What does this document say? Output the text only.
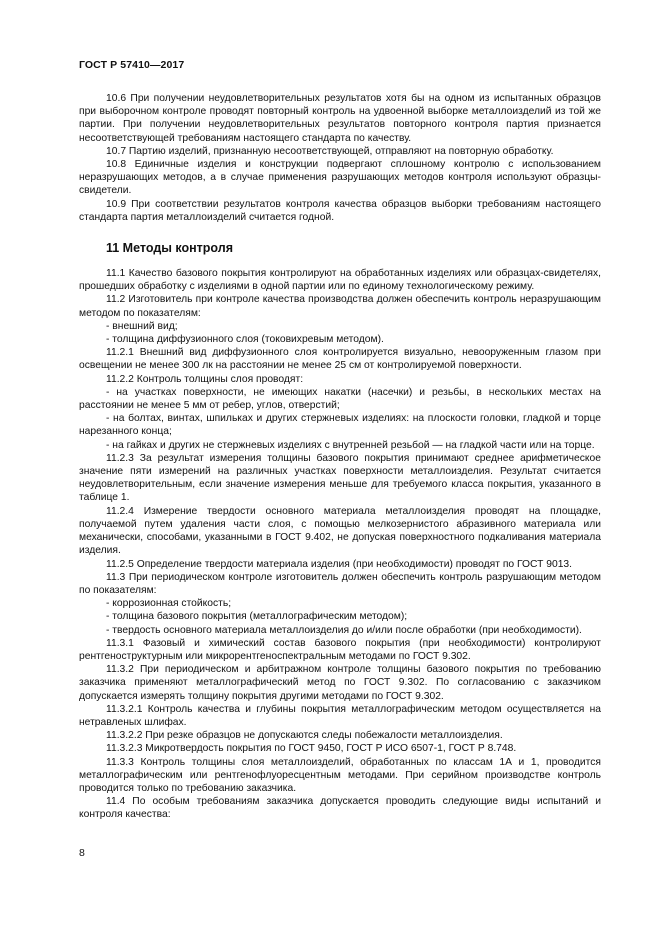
ГОСТ Р 57410—2017

10.6 При получении неудовлетворительных результатов хотя бы на одном из испытанных образцов при выборочном контроле проводят повторный контроль на удвоенной выборке металлоизделий из той же партии. При получении неудовлетворительных результатов повторного контроля партия признается несоответствующей требованиям настоящего стандарта по качеству.

10.7 Партию изделий, признанную несоответствующей, отправляют на повторную обработку.

10.8 Единичные изделия и конструкции подвергают сплошному контролю с использованием неразрушающих методов, а в случае применения разрушающих методов контроля используют образцы-свидетели.

10.9 При соответствии результатов контроля качества образцов выборки требованиям настоящего стандарта партия металлоизделий считается годной.

11 Методы контроля

11.1 Качество базового покрытия контролируют на обработанных изделиях или образцах-свидетелях, прошедших обработку с изделиями в одной партии или по единому технологическому режиму.

11.2 Изготовитель при контроле качества производства должен обеспечить контроль неразрушающим методом по показателям:

- внешний вид;

- толщина диффузионного слоя (токовихревым методом).

11.2.1 Внешний вид диффузионного слоя контролируется визуально, невооруженным глазом при освещении не менее 300 лк на расстоянии не менее 25 см от контролируемой поверхности.

11.2.2 Контроль толщины слоя проводят:

- на участках поверхности, не имеющих накатки (насечки) и резьбы, в нескольких местах на расстоянии не менее 5 мм от ребер, углов, отверстий;

- на болтах, винтах, шпильках и других стержневых изделиях: на плоскости головки, гладкой и торце нарезанного конца;

- на гайках и других не стержневых изделиях с внутренней резьбой — на гладкой части или на торце.

11.2.3 За результат измерения толщины базового покрытия принимают среднее арифметическое значение пяти измерений на различных участках поверхности металлоизделия. Результат считается неудовлетворительным, если значение измерения меньше для требуемого класса покрытия, указанного в таблице 1.

11.2.4 Измерение твердости основного материала металлоизделия проводят на площадке, получаемой путем удаления части слоя, с помощью мелкозернистого абразивного материала или механически, способами, указанными в ГОСТ 9.402, не допуская поверхностного подкаливания материала изделия.

11.2.5 Определение твердости материала изделия (при необходимости) проводят по ГОСТ 9013.

11.3 При периодическом контроле изготовитель должен обеспечить контроль разрушающим методом по показателям:

- коррозионная стойкость;

- толщина базового покрытия (металлографическим методом);

- твердость основного материала металлоизделия до и/или после обработки (при необходимости).

11.3.1 Фазовый и химический состав базового покрытия (при необходимости) контролируют рентгеноструктурным или микрорентгеноспектральным методами по ГОСТ 9.302.

11.3.2 При периодическом и арбитражном контроле толщины базового покрытия по требованию заказчика применяют металлографический метод по ГОСТ 9.302. По согласованию с заказчиком допускается измерять толщину покрытия другими методами по ГОСТ 9.302.

11.3.2.1 Контроль качества и глубины покрытия металлографическим методом осуществляется на нетравленых шлифах.

11.3.2.2 При резке образцов не допускаются следы побежалости металлоизделия.

11.3.2.3 Микротвердость покрытия по ГОСТ 9450, ГОСТ Р ИСО 6507-1, ГОСТ Р 8.748.

11.3.3 Контроль толщины слоя металлоизделий, обработанных по классам 1А и 1, проводится металлографическим или рентгенофлуоресцентным методами. При серийном производстве контроль проводится только по требованию заказчика.

11.4 По особым требованиям заказчика допускается проводить следующие виды испытаний и контроля качества:

8
